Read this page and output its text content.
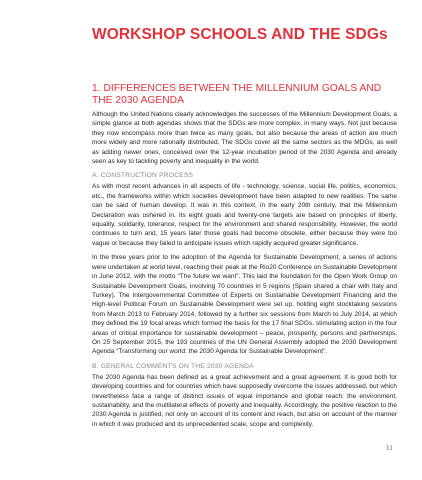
WORKSHOP SCHOOLS AND THE SDGs
1. DIFFERENCES BETWEEN THE MILLENNIUM GOALS AND THE 2030 AGENDA

Although the United Nations clearly acknowledges the successes of the Millennium Development Goals, a simple glance at both agendas shows that the SDGs are more complex, in many ways. Not just because they now encompass more than twice as many goals, but also because the areas of action are much more widely and more rationally distributed. The SDGs cover all the same sectors as the MDGs, as well as adding newer ones, conceived over the 12-year incubation period of the 2030 Agenda and already seen as key to tackling poverty and inequality in the world.

A. CONSTRUCTION PROCESS

As with most recent advances in all aspects of life - technology, science, social life, politics, economics, etc., the frameworks within which societies development have been adapted to new realities. The same can be said of human develop. It was in this context, in the early 20th century, that the Millennium Declaration was ushered in. Its eight goals and twenty-one targets are based on principles of liberty, equality, solidarity, tolerance, respect for the environment and shared responsibility. However, the world continues to turn and, 15 years later those goals had become obsolete, either because they were too vague or because they failed to anticipate issues which rapidly acquired greater significance.

In the three years prior to the adoption of the Agenda for Sustainable Development, a series of actions were undertaken at world level, reaching their peak at the Rio20 Conference on Sustainable Development in June 2012, with the motto “The future we want”. This laid the foundation for the Open Work Group on Sustainable Development Goals, involving 70 countries in 5 regions (Spain shared a chair with Italy and Turkey). The Intergovernmental Committee of Experts on Sustainable Development Financing and the High-level Political Forum on Sustainable Development were set up, holding eight stocktaking sessions from March 2013 to February 2014, followed by a further six sessions from March to July 2014, at which they defined the 19 focal areas which formed the basis for the 17 final SDGs, stimulating action in the four areas of critical importance for sustainable development – peace, prosperity, persons and partnerships. On 25 September 2015, the 193 countries of the UN General Assembly adopted the 2030 Development Agenda “Transforming our world: the 2030 Agenda for Sustainable Development”.

B. GENERAL COMMENTS ON THE 2030 AGENDA

The 2030 Agenda has been defined as a great achievement and a great agreement. It is good both for developing countries and for countries which have supposedly overcome the issues addressed, but which nevertheless face a range of distinct issues of equal importance and global reach: the environment, sustainability, and the multilateral effects of poverty and inequality. Accordingly, the positive reaction to the 2030 Agenda is justified, not only on account of its content and reach, but also on account of the manner in which it was produced and its unprecedented scale, scope and complexity.

11
